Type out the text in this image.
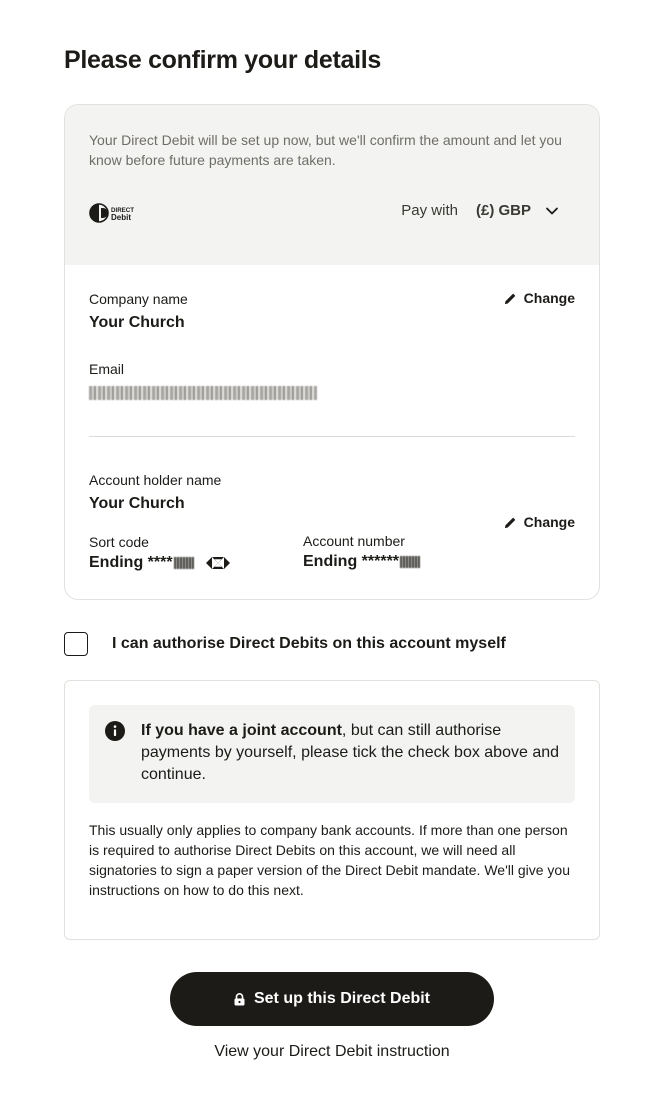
Please confirm your details

Your Direct Debit will be set up now, but we'll confirm the amount and let you know before future payments are taken.

DIRECT
Debit	Pay with (£) GBP
Company name
Your Church
Change
Email
Account holder name
Your Church
Change
Sort code
Ending ****
Account number
Ending ******
I can authorise Direct Debits on this account myself

If you have a joint account, but can still authorise payments by yourself, please tick the check box above and continue.

This usually only applies to company bank accounts. If more than one person is required to authorise Direct Debits on this account, we will need all signatories to sign a paper version of the Direct Debit mandate. We'll give you instructions on how to do this next.

Set up this Direct Debit
View your Direct Debit instruction
